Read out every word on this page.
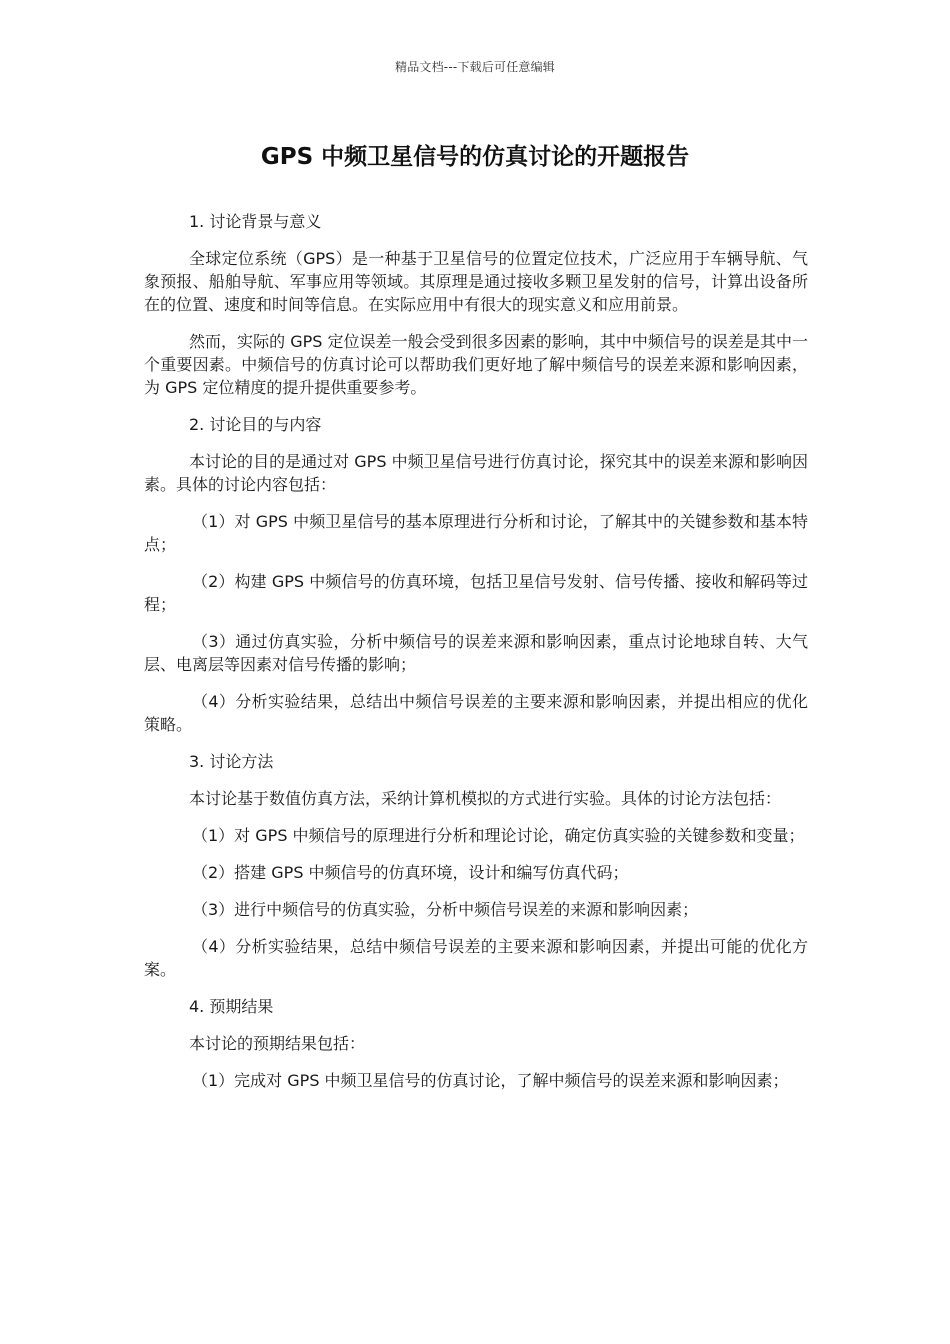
精品文档---下载后可任意编辑
GPS 中频卫星信号的仿真讨论的开题报告

1. 讨论背景与意义

全球定位系统（GPS）是一种基于卫星信号的位置定位技术，广泛应用于车辆导航、气象预报、船舶导航、军事应用等领域。其原理是通过接收多颗卫星发射的信号，计算出设备所在的位置、速度和时间等信息。在实际应用中有很大的现实意义和应用前景。

然而，实际的 GPS 定位误差一般会受到很多因素的影响，其中中频信号的误差是其中一个重要因素。中频信号的仿真讨论可以帮助我们更好地了解中频信号的误差来源和影响因素，为 GPS 定位精度的提升提供重要参考。

2. 讨论目的与内容

本讨论的目的是通过对 GPS 中频卫星信号进行仿真讨论，探究其中的误差来源和影响因素。具体的讨论内容包括：

（1）对 GPS 中频卫星信号的基本原理进行分析和讨论，了解其中的关键参数和基本特点；

（2）构建 GPS 中频信号的仿真环境，包括卫星信号发射、信号传播、接收和解码等过程；

（3）通过仿真实验，分析中频信号的误差来源和影响因素，重点讨论地球自转、大气层、电离层等因素对信号传播的影响；

（4）分析实验结果，总结出中频信号误差的主要来源和影响因素，并提出相应的优化策略。

3. 讨论方法

本讨论基于数值仿真方法，采纳计算机模拟的方式进行实验。具体的讨论方法包括：

（1）对 GPS 中频信号的原理进行分析和理论讨论，确定仿真实验的关键参数和变量；

（2）搭建 GPS 中频信号的仿真环境，设计和编写仿真代码；

（3）进行中频信号的仿真实验，分析中频信号误差的来源和影响因素；

（4）分析实验结果，总结中频信号误差的主要来源和影响因素，并提出可能的优化方案。

4. 预期结果

本讨论的预期结果包括：

（1）完成对 GPS 中频卫星信号的仿真讨论，了解中频信号的误差来源和影响因素；
